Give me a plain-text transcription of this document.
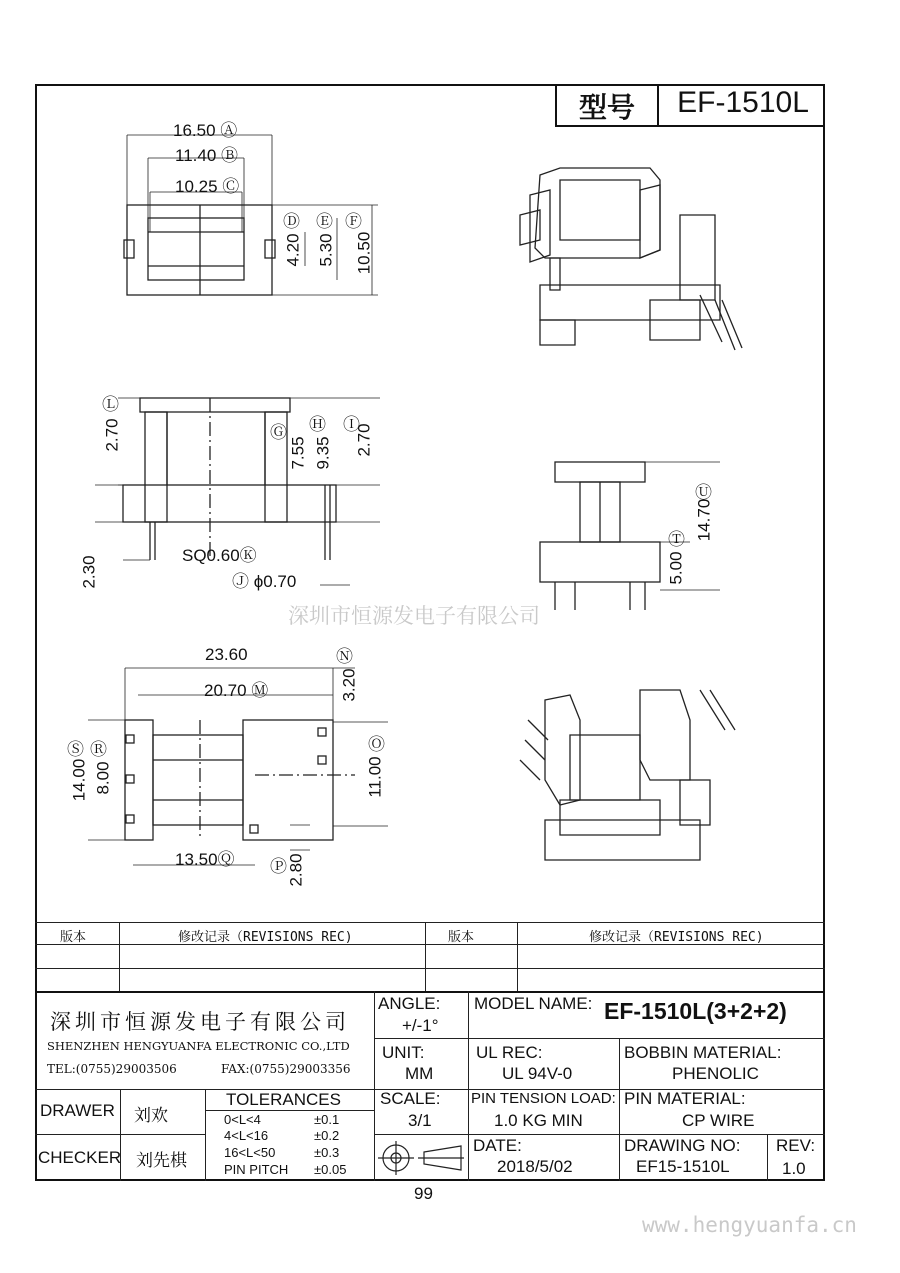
型号	EF-1510L
16.50 Ⓐ
11.40 Ⓑ
10.25 Ⓒ
Ⓓ Ⓔ Ⓕ
4.20 5.30 10.50
Ⓛ
2.70	Ⓖ
7.55
Ⓗ
9.35
Ⓘ
2.70
2.30	SQ0.60Ⓚ
Ⓙ ϕ0.70
Ⓤ
14.70
Ⓣ
5.00
深圳市恒源发电子有限公司
23.60	Ⓝ
20.70 Ⓜ	3.20
Ⓢ Ⓡ
14.00 8.00	11.00
Ⓞ
13.50Ⓠ Ⓟ 2.80
版本	修改记录（REVISIONS REC)	版本	修改记录（REVISIONS REC)
深圳市恒源发电子有限公司
SHENZHEN HENGYUANFA ELECTRONIC CO.,LTD
TEL:(0755)29003506	FAX:(0755)29003356
ANGLE:
+/-1°
MODEL NAME: EF-1510L(3+2+2)
UNIT:
MM
UL REC:
UL 94V-0
BOBBIN MATERIAL:
PHENOLIC
DRAWER 刘欢
CHECKER 刘先棋
TOLERANCES
0<L<4	±0.1
4<L<16	±0.2
16<L<50	±0.3
PIN PITCH ±0.05
SCALE:
3/1
PIN TENSION LOAD:
1.0 KG MIN
PIN MATERIAL:
CP WIRE
DATE:
2018/5/02
DRAWING NO:
EF15-1510L
REV:
1.0
99
www.hengyuanfa.cn
